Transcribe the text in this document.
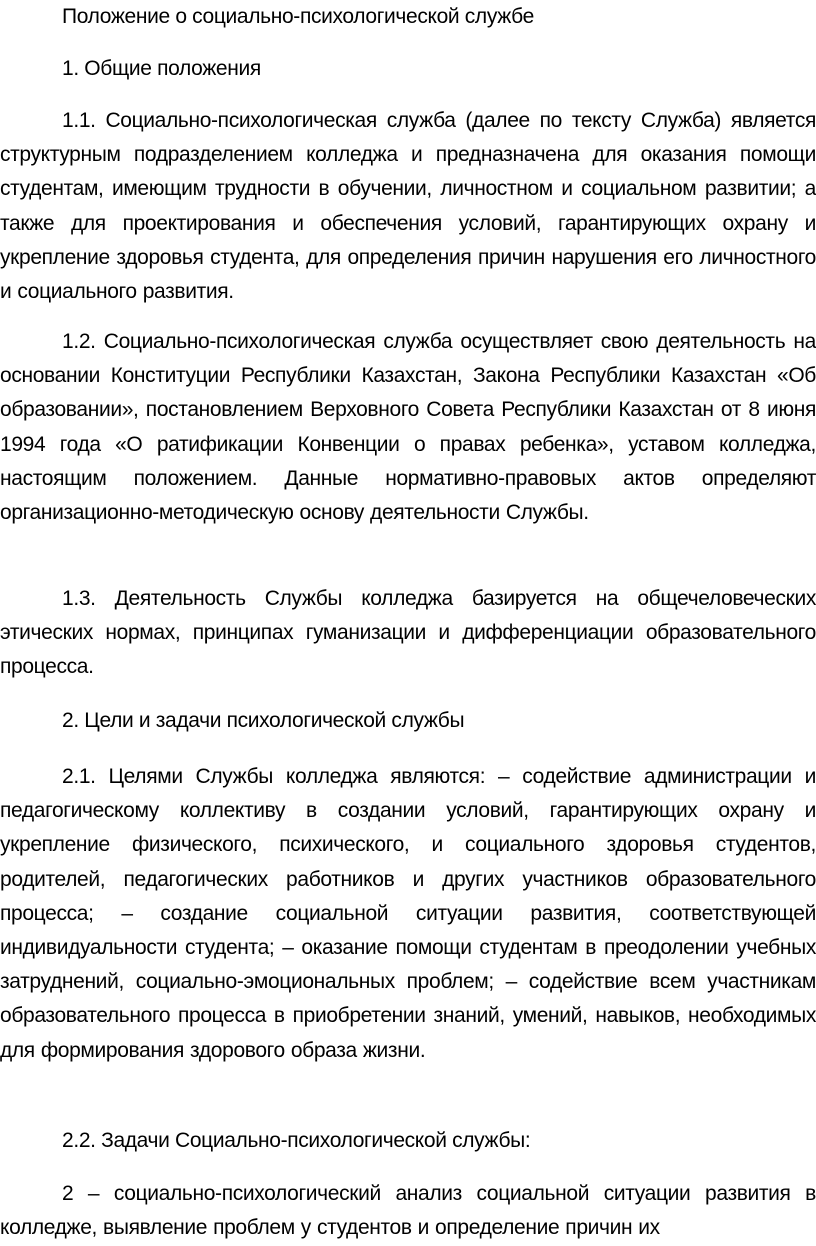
Положение о социально-психологической службе

1. Общие положения

1.1. Социально-психологическая служба (далее по тексту Служба) является структурным подразделением колледжа и предназначена для оказания помощи студентам, имеющим трудности в обучении, личностном и социальном развитии; а также для проектирования и обеспечения условий, гарантирующих охрану и укрепление здоровья студента, для определения причин нарушения его личностного и социального развития.

1.2. Социально-психологическая служба осуществляет свою деятельность на основании Конституции Республики Казахстан, Закона Республики Казахстан «Об образовании», постановлением Верховного Совета Республики Казахстан от 8 июня 1994 года «О ратификации Конвенции о правах ребенка», уставом колледжа, настоящим положением. Данные нормативно-правовых актов определяют организационно-методическую основу деятельности Службы.

1.3. Деятельность Службы колледжа базируется на общечеловеческих этических нормах, принципах гуманизации и дифференциации образовательного процесса.

2. Цели и задачи психологической службы

2.1. Целями Службы колледжа являются: – содействие администрации и педагогическому коллективу в создании условий, гарантирующих охрану и укрепление физического, психического, и социального здоровья студентов, родителей, педагогических работников и других участников образовательного процесса; – создание социальной ситуации развития, соответствующей индивидуальности студента; – оказание помощи студентам в преодолении учебных затруднений, социально-эмоциональных проблем; – содействие всем участникам образовательного процесса в приобретении знаний, умений, навыков, необходимых для формирования здорового образа жизни.

2.2. Задачи Социально-психологической службы:

2 – социально-психологический анализ социальной ситуации развития в колледже, выявление проблем у студентов и определение причин их
